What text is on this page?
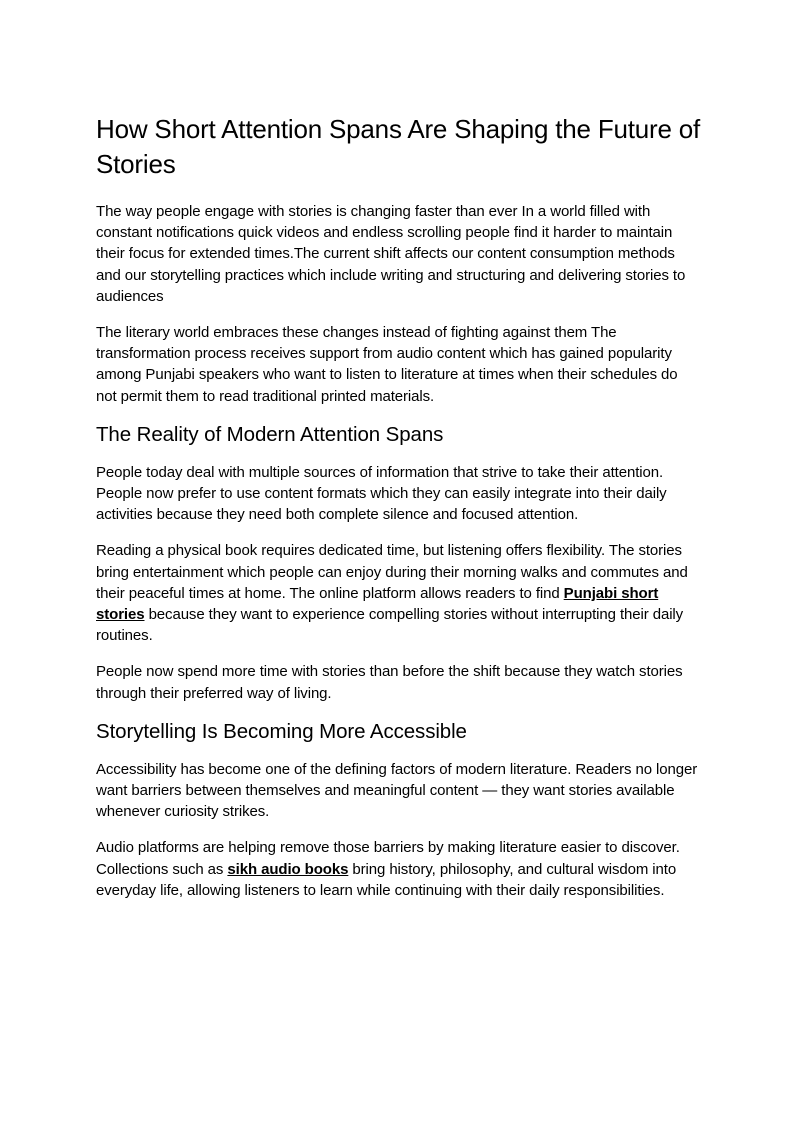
How Short Attention Spans Are Shaping the Future of Stories

The way people engage with stories is changing faster than ever In a world filled with constant notifications quick videos and endless scrolling people find it harder to maintain their focus for extended times.The current shift affects our content consumption methods and our storytelling practices which include writing and structuring and delivering stories to audiences

The literary world embraces these changes instead of fighting against them The transformation process receives support from audio content which has gained popularity among Punjabi speakers who want to listen to literature at times when their schedules do not permit them to read traditional printed materials.

The Reality of Modern Attention Spans

People today deal with multiple sources of information that strive to take their attention. People now prefer to use content formats which they can easily integrate into their daily activities because they need both complete silence and focused attention.

Reading a physical book requires dedicated time, but listening offers flexibility. The stories bring entertainment which people can enjoy during their morning walks and commutes and their peaceful times at home. The online platform allows readers to find Punjabi short stories because they want to experience compelling stories without interrupting their daily routines.

People now spend more time with stories than before the shift because they watch stories through their preferred way of living.

Storytelling Is Becoming More Accessible

Accessibility has become one of the defining factors of modern literature. Readers no longer want barriers between themselves and meaningful content — they want stories available whenever curiosity strikes.

Audio platforms are helping remove those barriers by making literature easier to discover. Collections such as sikh audio books bring history, philosophy, and cultural wisdom into everyday life, allowing listeners to learn while continuing with their daily responsibilities.
